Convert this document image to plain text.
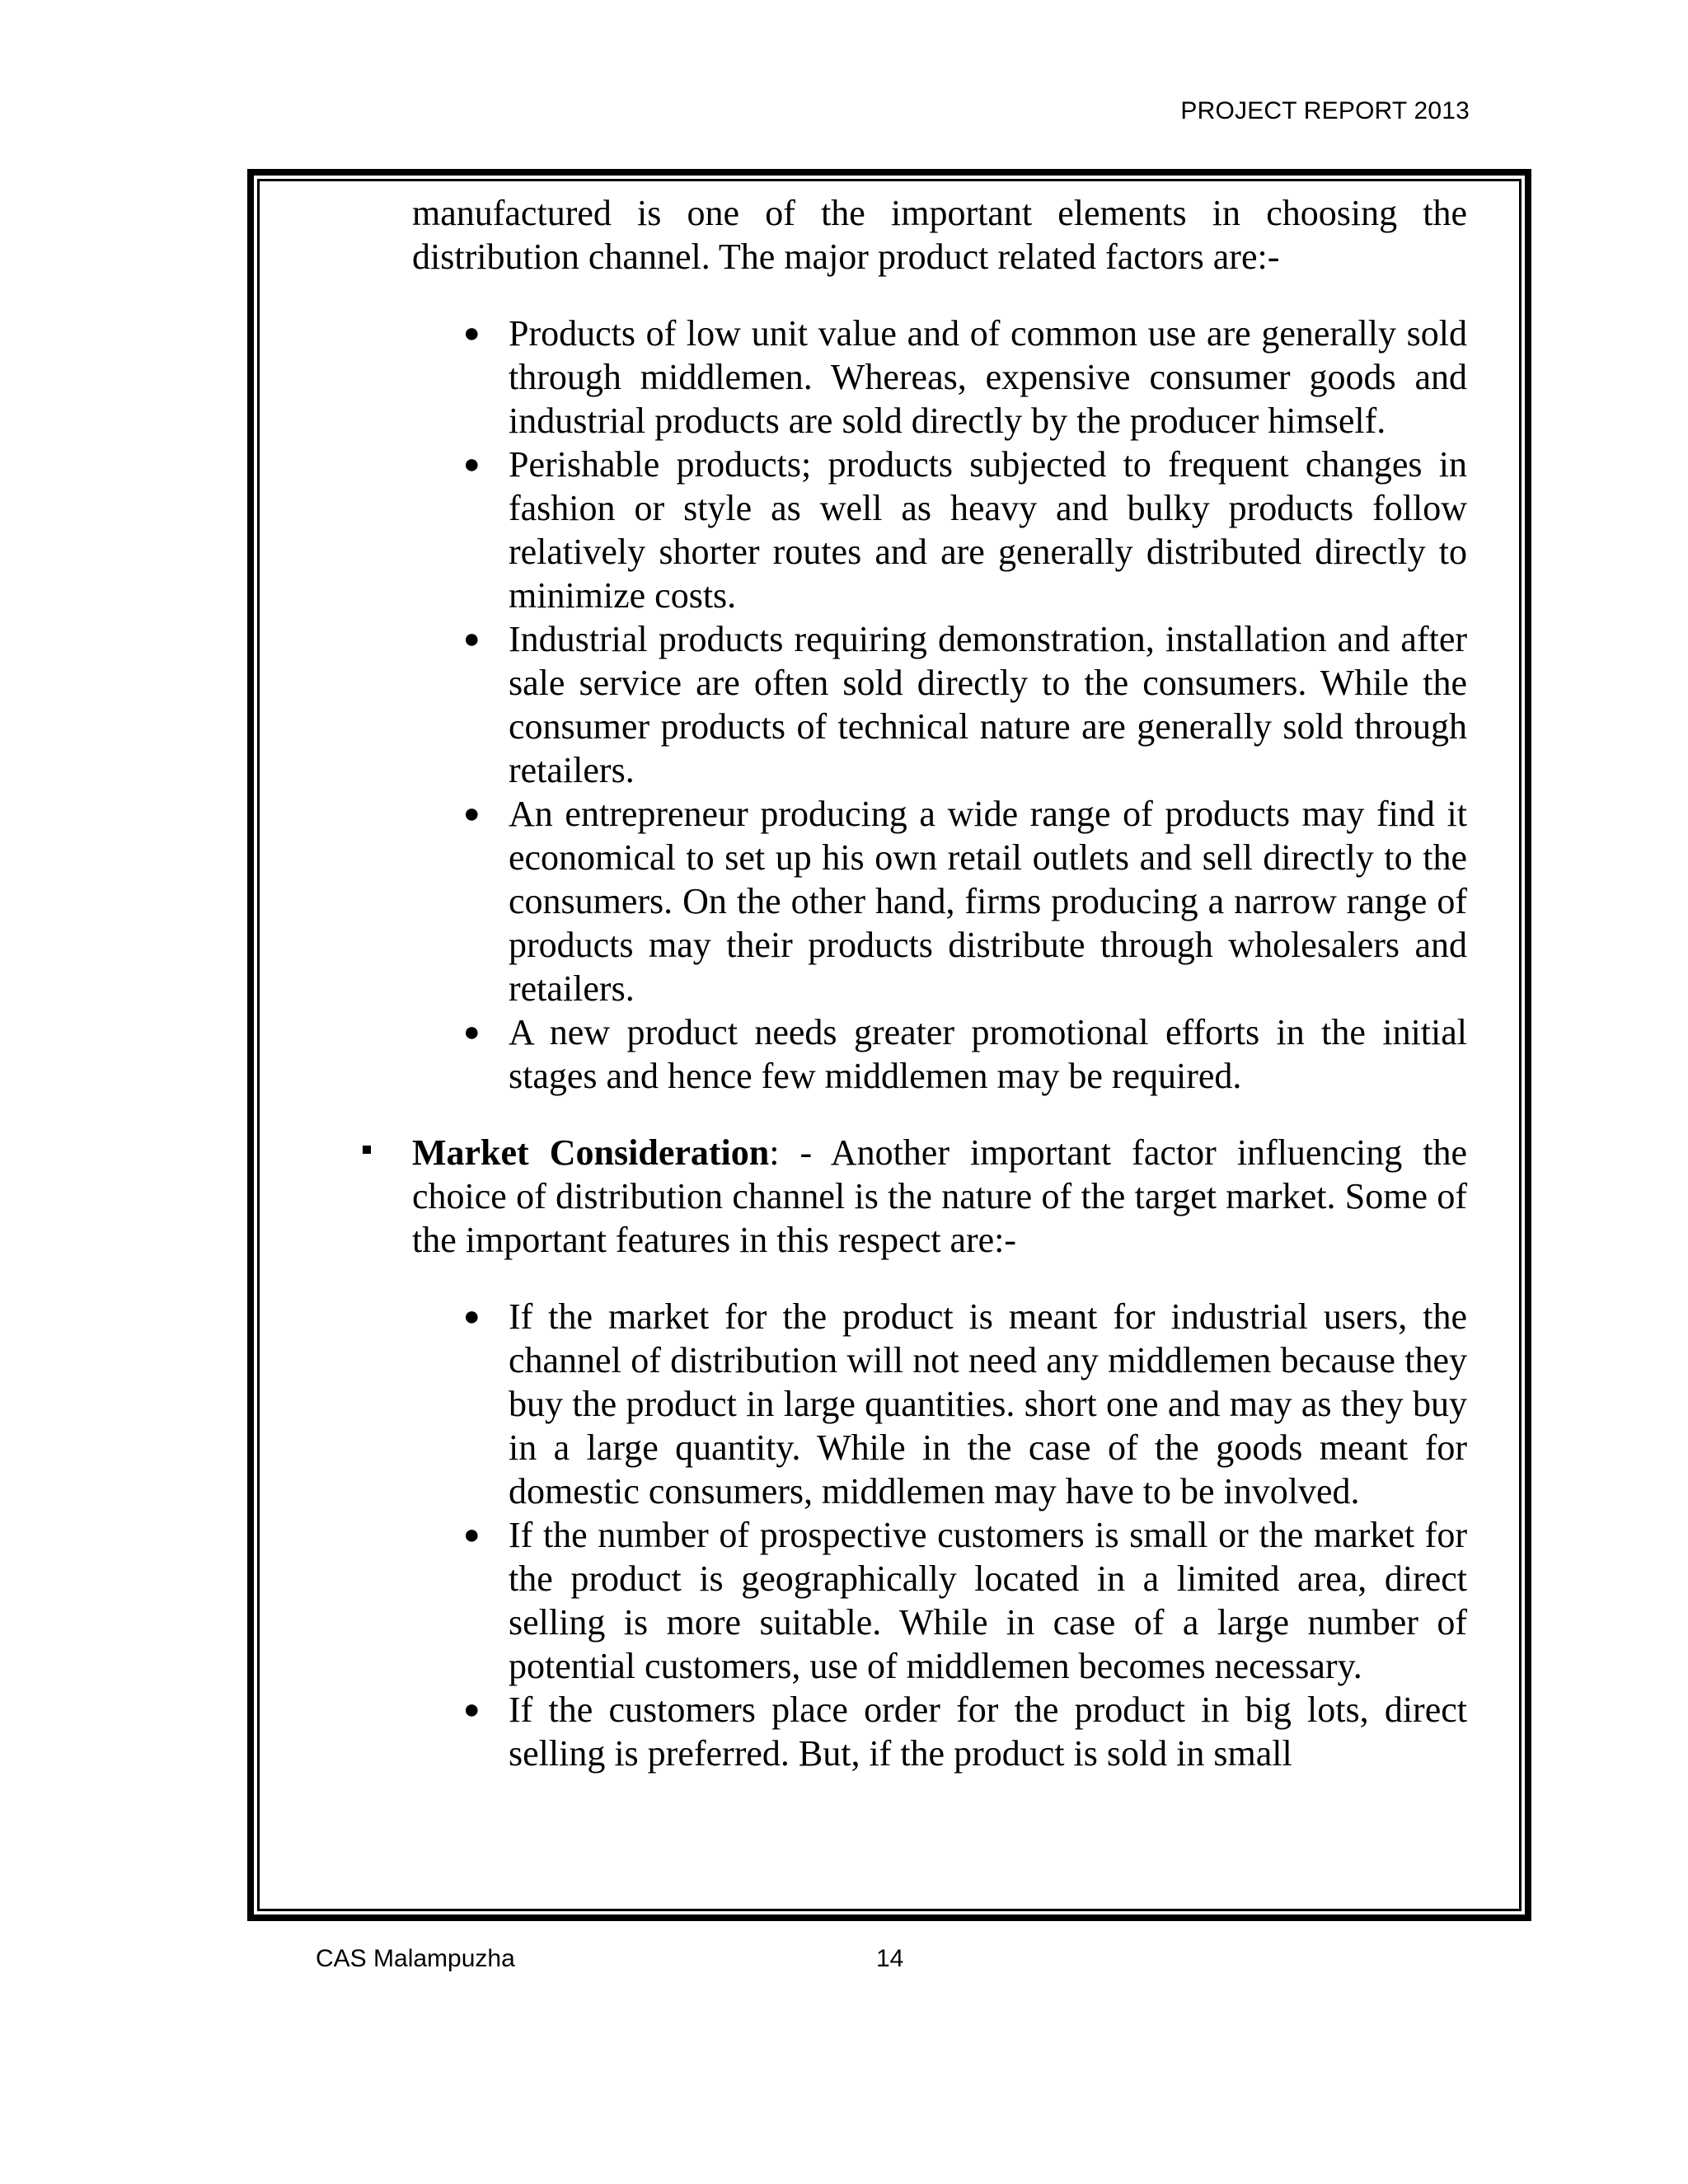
PROJECT REPORT 2013

manufactured is one of the important elements in choosing the distribution channel. The major product related factors are:-

● Products of low unit value and of common use are generally sold through middlemen. Whereas, expensive consumer goods and industrial products are sold directly by the producer himself.
● Perishable products; products subjected to frequent changes in fashion or style as well as heavy and bulky products follow relatively shorter routes and are generally distributed directly to minimize costs.
● Industrial products requiring demonstration, installation and after sale service are often sold directly to the consumers. While the consumer products of technical nature are generally sold through retailers.
● An entrepreneur producing a wide range of products may find it economical to set up his own retail outlets and sell directly to the consumers. On the other hand, firms producing a narrow range of products may their products distribute through wholesalers and retailers.
● A new product needs greater promotional efforts in the initial stages and hence few middlemen may be required.

Market Consideration: - Another important factor influencing the choice of distribution channel is the nature of the target market. Some of the important features in this respect are:-

● If the market for the product is meant for industrial users, the channel of distribution will not need any middlemen because they buy the product in large quantities. short one and may as they buy in a large quantity. While in the case of the goods meant for domestic consumers, middlemen may have to be involved.
● If the number of prospective customers is small or the market for the product is geographically located in a limited area, direct selling is more suitable. While in case of a large number of potential customers, use of middlemen becomes necessary.
● If the customers place order for the product in big lots, direct selling is preferred. But, if the product is sold in small
CAS Malampuzha	14
